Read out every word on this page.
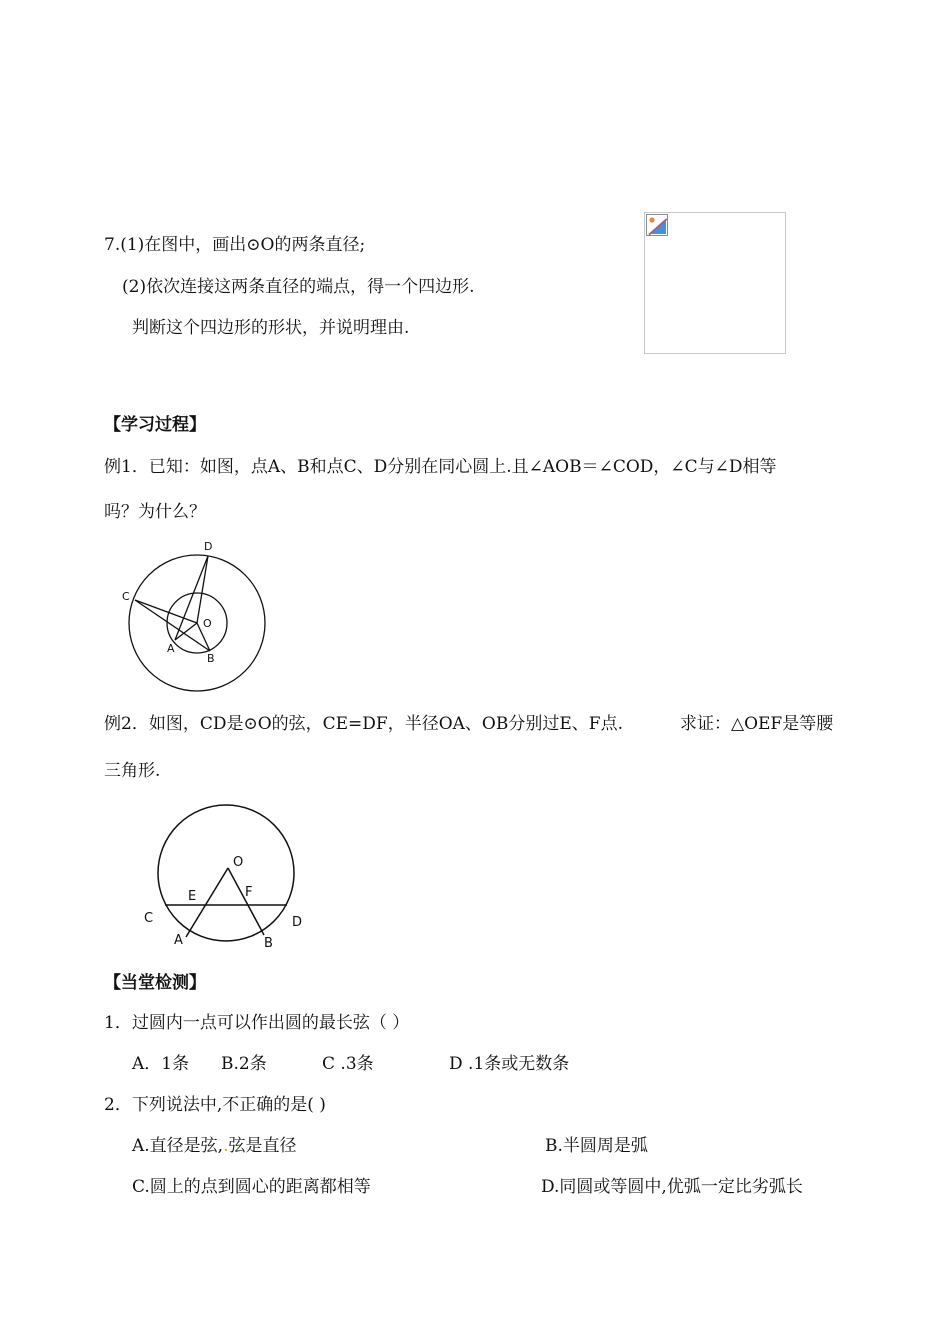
7.(1)在图中，画出⊙O的两条直径;
(2)依次连接这两条直径的端点，得一个四边形.
判断这个四边形的形状，并说明理由.
【学习过程】
例1．已知：如图，点A、B和点C、D分别在同心圆上.且∠AOB＝∠COD，∠C与∠D相等
吗？为什么？
D
C
O
A
B
例2．如图，CD是⊙O的弦，CE=DF，半径OA、OB分别过E、F点.	求证：△OEF是等腰
三角形.
O
E	F
C	D
A	B
【当堂检测】
1．过圆内一点可以作出圆的最长弦（ ）
A．1条 B.2条	C .3条	D .1条或无数条
2．下列说法中,不正确的是( )
A.直径是弦,.弦是直径	B.半圆周是弧
C.圆上的点到圆心的距离都相等	D.同圆或等圆中,优弧一定比劣弧长
